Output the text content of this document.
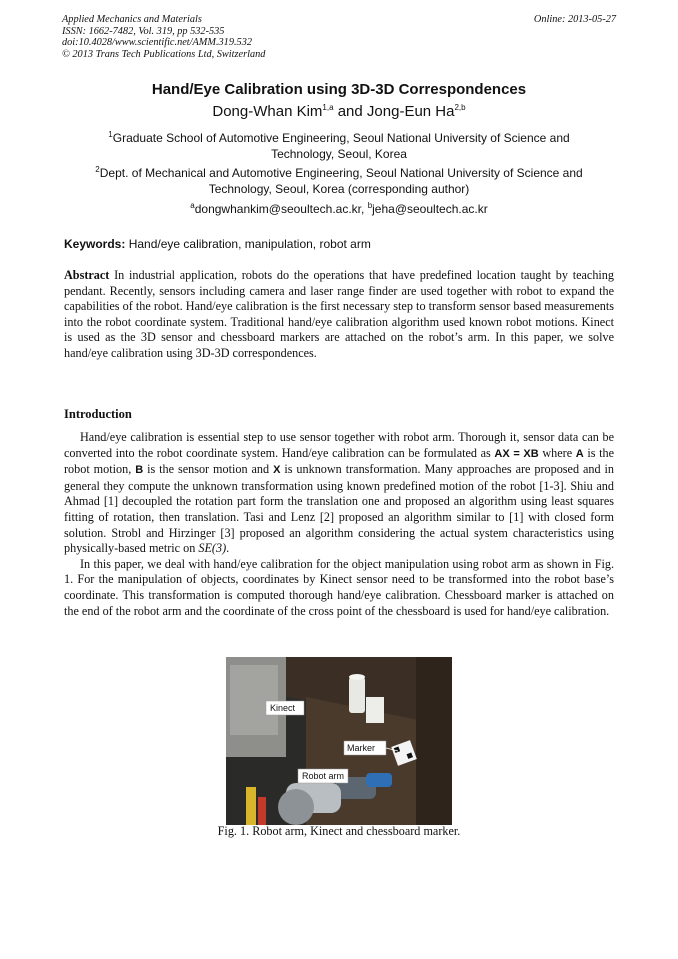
Applied Mechanics and Materials
ISSN: 1662-7482, Vol. 319, pp 532-535
doi:10.4028/www.scientific.net/AMM.319.532
© 2013 Trans Tech Publications Ltd, Switzerland
Online: 2013-05-27
Hand/Eye Calibration using 3D-3D Correspondences
Dong-Whan Kim$^{1,a}$ and Jong-Eun Ha$^{2,b}$
$^1$Graduate School of Automotive Engineering, Seoul National University of Science and Technology, Seoul, Korea
$^2$Dept. of Mechanical and Automotive Engineering, Seoul National University of Science and Technology, Seoul, Korea (corresponding author)
$^a$dongwhankim@seoultech.ac.kr, $^b$jeha@seoultech.ac.kr
Keywords: Hand/eye calibration, manipulation, robot arm
Abstract In industrial application, robots do the operations that have predefined location taught by teaching pendant. Recently, sensors including camera and laser range finder are used together with robot to expand the capabilities of the robot. Hand/eye calibration is the first necessary step to transform sensor based measurements into the robot coordinate system. Traditional hand/eye calibration algorithm used known robot motions. Kinect is used as the 3D sensor and chessboard markers are attached on the robot’s arm. In this paper, we solve hand/eye calibration using 3D-3D correspondences.
Introduction
Hand/eye calibration is essential step to use sensor together with robot arm. Thorough it, sensor data can be converted into the robot coordinate system. Hand/eye calibration can be formulated as AX = XB where A is the robot motion, B is the sensor motion and X is unknown transformation. Many approaches are proposed and in general they compute the unknown transformation using known predefined motion of the robot [1-3]. Shiu and Ahmad [1] decoupled the rotation part form the translation one and proposed an algorithm using least squares fitting of rotation, then translation. Tasi and Lenz [2] proposed an algorithm similar to [1] with closed form solution. Strobl and Hirzinger [3] proposed an algorithm considering the actual system characteristics using physically-based metric on SE(3).
In this paper, we deal with hand/eye calibration for the object manipulation using robot arm as shown in Fig. 1. For the manipulation of objects, coordinates by Kinect sensor need to be transformed into the robot base’s coordinate. This transformation is computed thorough hand/eye calibration. Chessboard marker is attached on the end of the robot arm and the coordinate of the cross point of the chessboard is used for hand/eye calibration.
Kinect
Marker
Robot arm
Fig. 1. Robot arm, Kinect and chessboard marker.
